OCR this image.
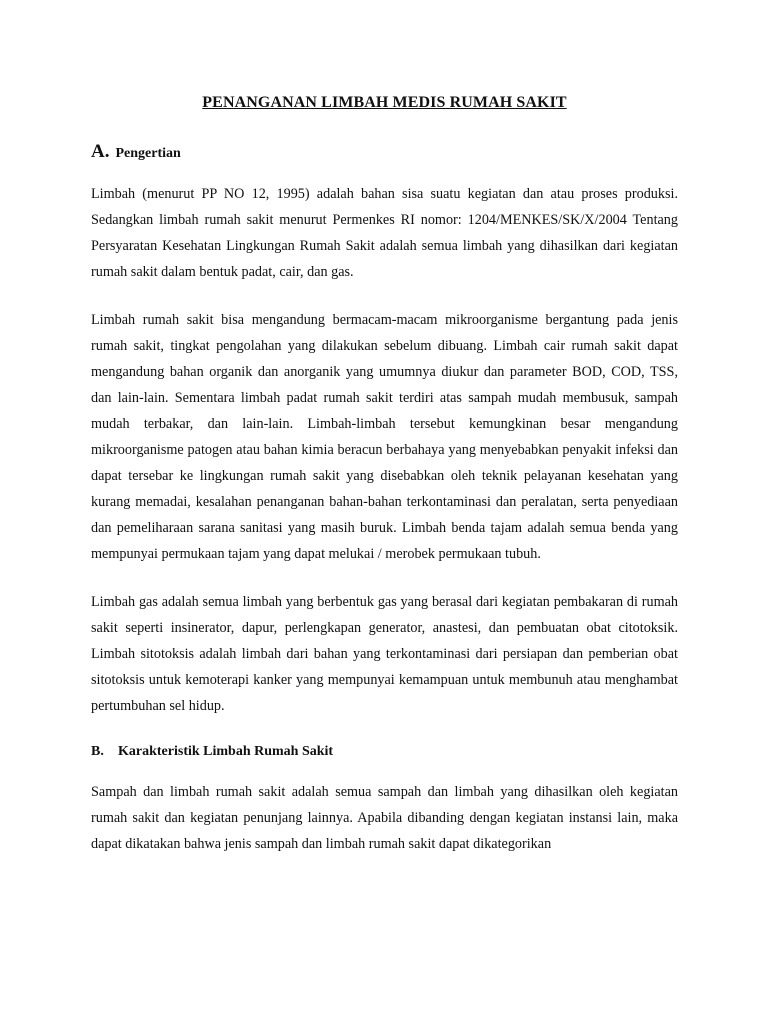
PENANGANAN LIMBAH MEDIS RUMAH SAKIT
A. Pengertian

Limbah (menurut PP NO 12, 1995) adalah bahan sisa suatu kegiatan dan atau proses produksi. Sedangkan limbah rumah sakit menurut Permenkes RI nomor: 1204/MENKES/SK/X/2004 Tentang Persyaratan Kesehatan Lingkungan Rumah Sakit adalah semua limbah yang dihasilkan dari kegiatan rumah sakit dalam bentuk padat, cair, dan gas.

Limbah rumah sakit bisa mengandung bermacam-macam mikroorganisme bergantung pada jenis rumah sakit, tingkat pengolahan yang dilakukan sebelum dibuang. Limbah cair rumah sakit dapat mengandung bahan organik dan anorganik yang umumnya diukur dan parameter BOD, COD, TSS, dan lain-lain. Sementara limbah padat rumah sakit terdiri atas sampah mudah membusuk, sampah mudah terbakar, dan lain-lain. Limbah-limbah tersebut kemungkinan besar mengandung mikroorganisme patogen atau bahan kimia beracun berbahaya yang menyebabkan penyakit infeksi dan dapat tersebar ke lingkungan rumah sakit yang disebabkan oleh teknik pelayanan kesehatan yang kurang memadai, kesalahan penanganan bahan-bahan terkontaminasi dan peralatan, serta penyediaan dan pemeliharaan sarana sanitasi yang masih buruk. Limbah benda tajam adalah semua benda yang mempunyai permukaan tajam yang dapat melukai / merobek permukaan tubuh.

Limbah gas adalah semua limbah yang berbentuk gas yang berasal dari kegiatan pembakaran di rumah sakit seperti insinerator, dapur, perlengkapan generator, anastesi, dan pembuatan obat citotoksik. Limbah sitotoksis adalah limbah dari bahan yang terkontaminasi dari persiapan dan pemberian obat sitotoksis untuk kemoterapi kanker yang mempunyai kemampuan untuk membunuh atau menghambat pertumbuhan sel hidup.

B. Karakteristik Limbah Rumah Sakit

Sampah dan limbah rumah sakit adalah semua sampah dan limbah yang dihasilkan oleh kegiatan rumah sakit dan kegiatan penunjang lainnya. Apabila dibanding dengan kegiatan instansi lain, maka dapat dikatakan bahwa jenis sampah dan limbah rumah sakit dapat dikategorikan
